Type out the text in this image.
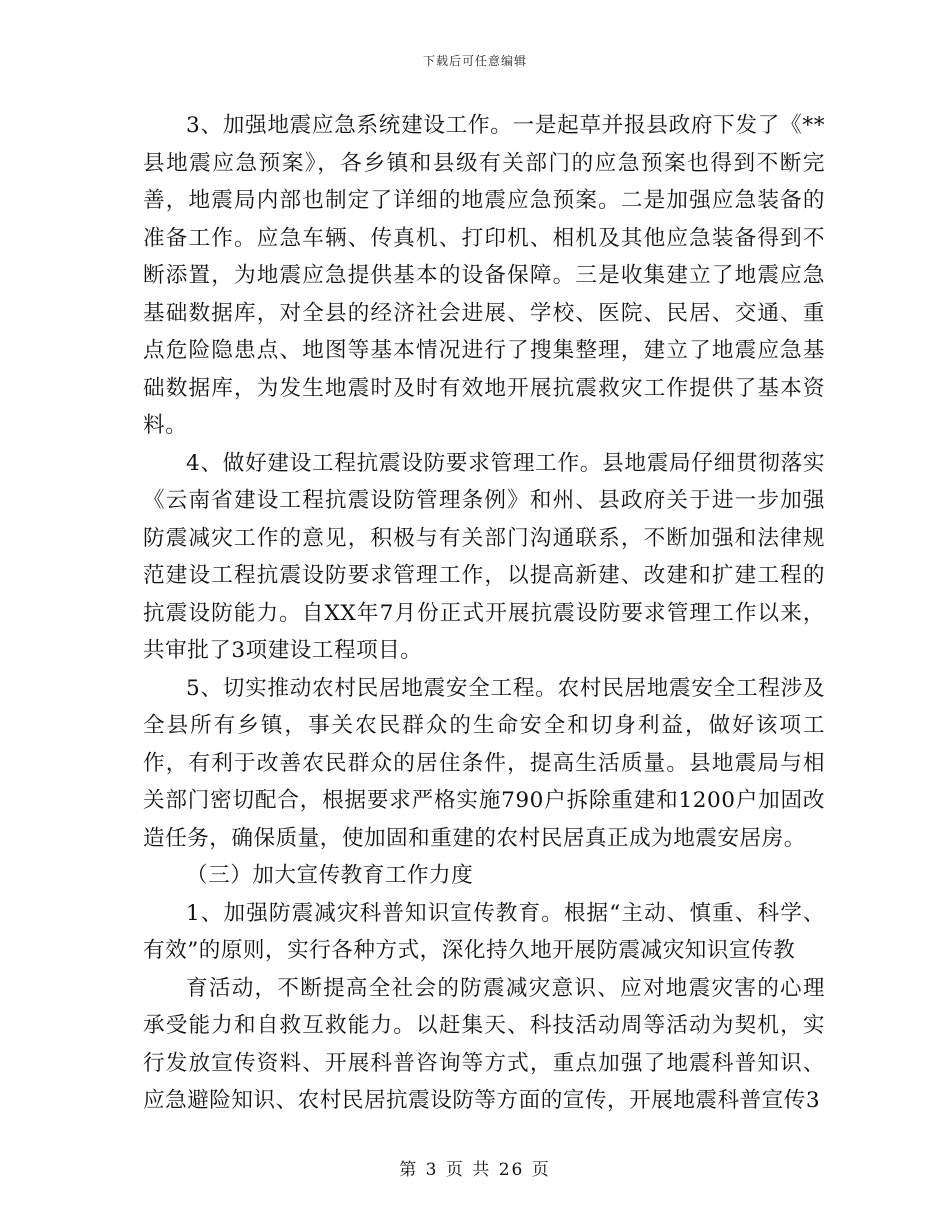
下载后可任意编辑

3、加强地震应急系统建设工作。一是起草并报县政府下发了《**县地震应急预案》，各乡镇和县级有关部门的应急预案也得到不断完善，地震局内部也制定了详细的地震应急预案。二是加强应急装备的准备工作。应急车辆、传真机、打印机、相机及其他应急装备得到不断添置，为地震应急提供基本的设备保障。三是收集建立了地震应急基础数据库，对全县的经济社会进展、学校、医院、民居、交通、重点危险隐患点、地图等基本情况进行了搜集整理，建立了地震应急基础数据库，为发生地震时及时有效地开展抗震救灾工作提供了基本资料。

4、做好建设工程抗震设防要求管理工作。县地震局仔细贯彻落实《云南省建设工程抗震设防管理条例》和州、县政府关于进一步加强防震减灾工作的意见，积极与有关部门沟通联系，不断加强和法律规范建设工程抗震设防要求管理工作，以提高新建、改建和扩建工程的抗震设防能力。自XX年7月份正式开展抗震设防要求管理工作以来，共审批了3项建设工程项目。

5、切实推动农村民居地震安全工程。农村民居地震安全工程涉及全县所有乡镇，事关农民群众的生命安全和切身利益，做好该项工作，有利于改善农民群众的居住条件，提高生活质量。县地震局与相关部门密切配合，根据要求严格实施790户拆除重建和1200户加固改造任务，确保质量，使加固和重建的农村民居真正成为地震安居房。

（三）加大宣传教育工作力度

1、加强防震减灾科普知识宣传教育。根据“主动、慎重、科学、有效”的原则，实行各种方式，深化持久地开展防震减灾知识宣传教

育活动，不断提高全社会的防震减灾意识、应对地震灾害的心理承受能力和自救互救能力。以赶集天、科技活动周等活动为契机，实行发放宣传资料、开展科普咨询等方式，重点加强了地震科普知识、应急避险知识、农村民居抗震设防等方面的宣传，开展地震科普宣传3

第 3 页 共 26 页
